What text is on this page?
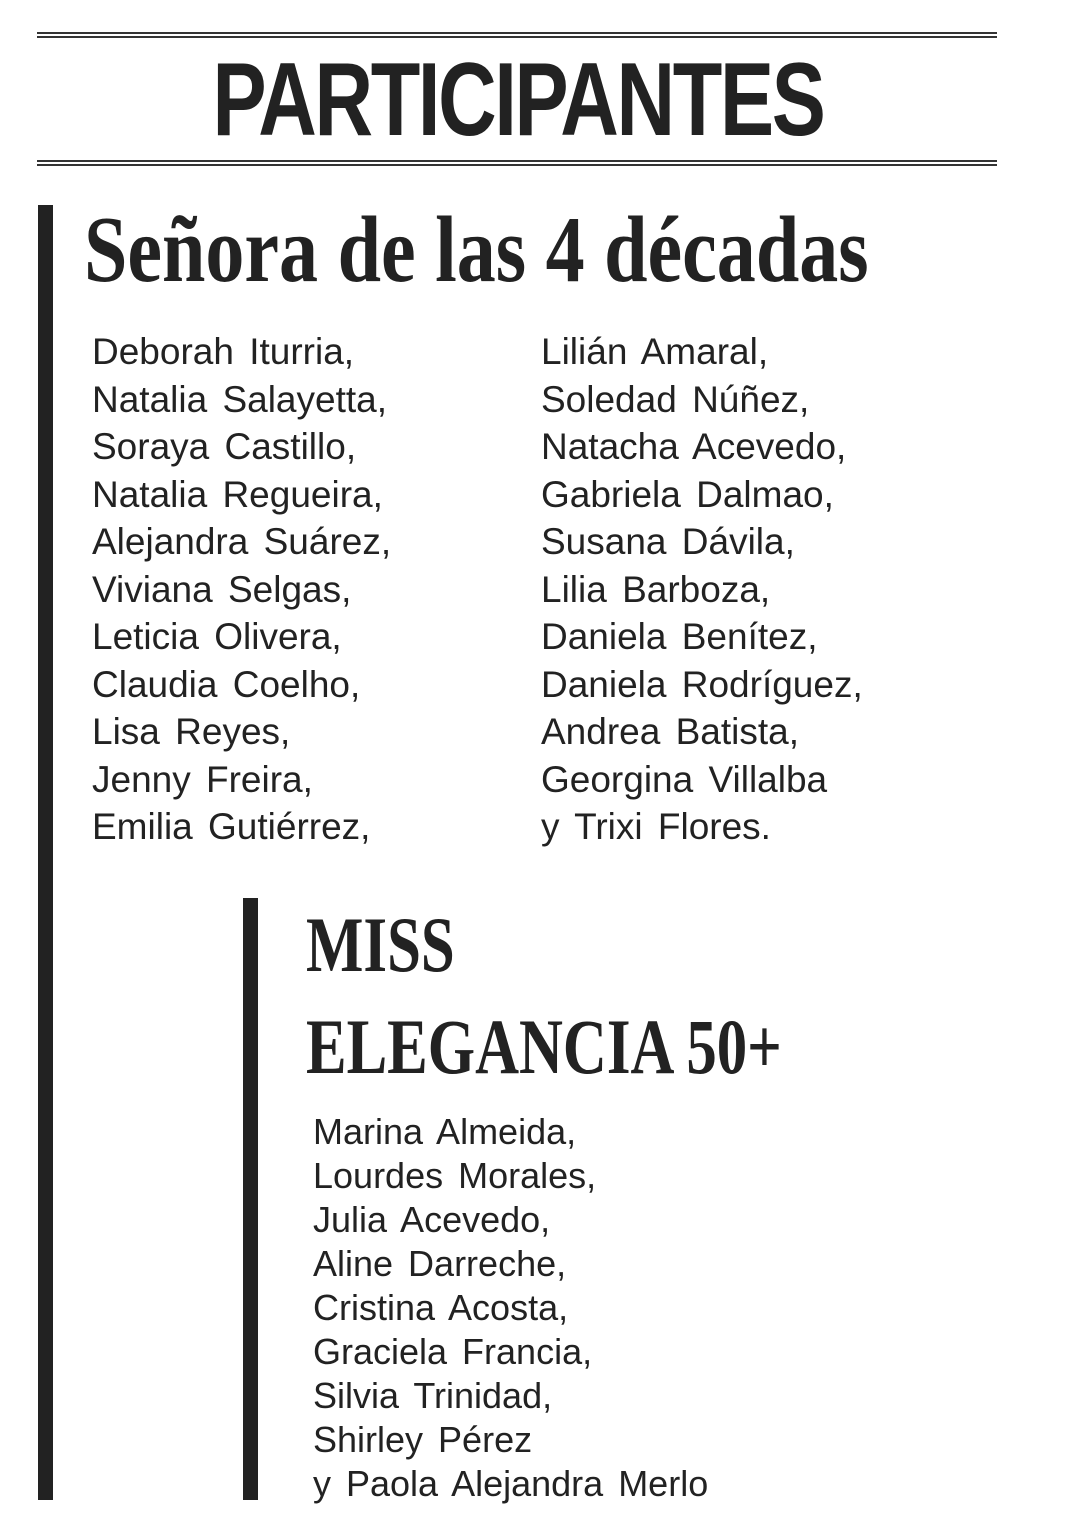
PARTICIPANTES
Señora de las 4 décadas
Deborah Iturria,
Natalia Salayetta,
Soraya Castillo,
Natalia Regueira,
Alejandra Suárez,
Viviana Selgas,
Leticia Olivera,
Claudia Coelho,
Lisa Reyes,
Jenny Freira,
Emilia Gutiérrez,
Lilián Amaral,
Soledad Núñez,
Natacha Acevedo,
Gabriela Dalmao,
Susana Dávila,
Lilia Barboza,
Daniela Benítez,
Daniela Rodríguez,
Andrea Batista,
Georgina Villalba
y Trixi Flores.
MISS
ELEGANCIA 50+
Marina Almeida,
Lourdes Morales,
Julia Acevedo,
Aline Darreche,
Cristina Acosta,
Graciela Francia,
Silvia Trinidad,
Shirley Pérez
y Paola Alejandra Merlo
